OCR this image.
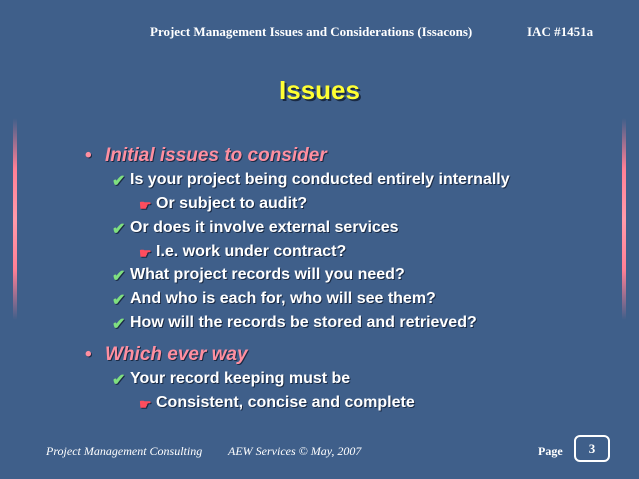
Project Management Issues and Considerations (Issacons)	IAC #1451a
Issues
• Initial issues to consider
✔ Is your project being conducted entirely internally
☛ Or subject to audit?
✔ Or does it involve external services
☛ I.e. work under contract?
✔ What project records will you need?
✔ And who is each for, who will see them?
✔ How will the records be stored and retrieved?
• Which ever way
✔ Your record keeping must be
☛ Consistent, concise and complete
Project Management Consulting AEW Services © May, 2007	Page	3
